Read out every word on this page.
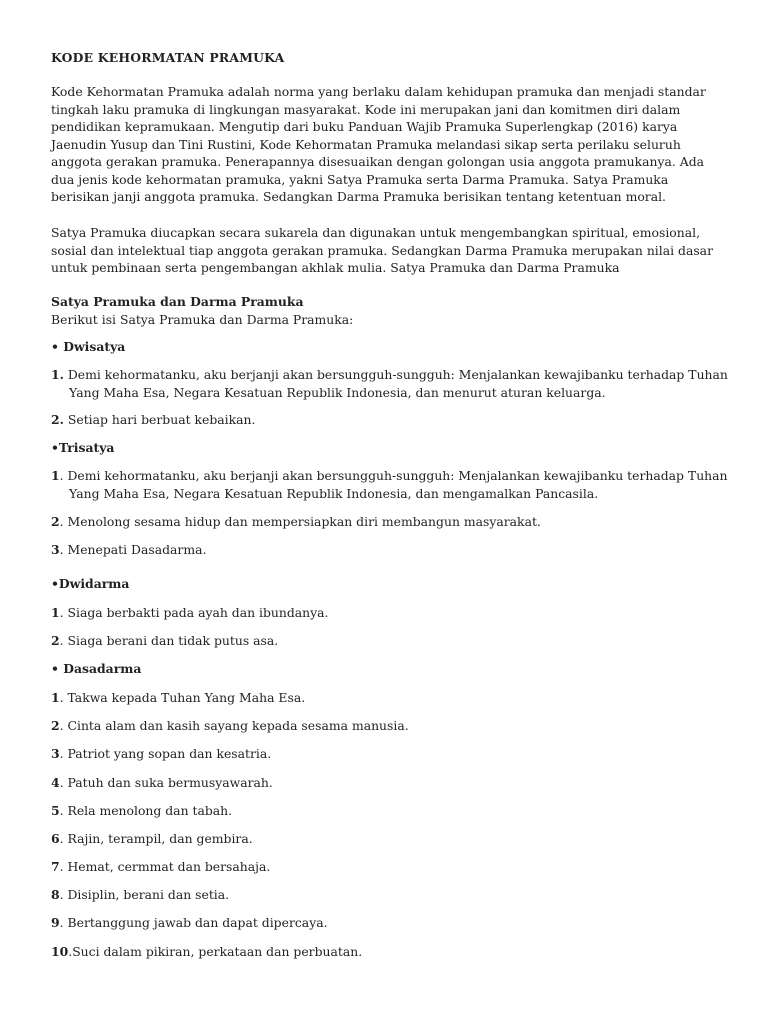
KODE KEHORMATAN PRAMUKA
Kode Kehormatan Pramuka adalah norma yang berlaku dalam kehidupan pramuka dan menjadi standar tingkah laku pramuka di lingkungan masyarakat. Kode ini merupakan jani dan komitmen diri dalam pendidikan kepramukaan. Mengutip dari buku Panduan Wajib Pramuka Superlengkap (2016) karya Jaenudin Yusup dan Tini Rustini, Kode Kehormatan Pramuka melandasi sikap serta perilaku seluruh anggota gerakan pramuka. Penerapannya disesuaikan dengan golongan usia anggota pramukanya. Ada dua jenis kode kehormatan pramuka, yakni Satya Pramuka serta Darma Pramuka. Satya Pramuka berisikan janji anggota pramuka. Sedangkan Darma Pramuka berisikan tentang ketentuan moral.
Satya Pramuka diucapkan secara sukarela dan digunakan untuk mengembangkan spiritual, emosional, sosial dan intelektual tiap anggota gerakan pramuka. Sedangkan Darma Pramuka merupakan nilai dasar untuk pembinaan serta pengembangan akhlak mulia. Satya Pramuka dan Darma Pramuka
Satya Pramuka dan Darma Pramuka
Berikut isi Satya Pramuka dan Darma Pramuka:
• Dwisatya
1. Demi kehormatanku, aku berjanji akan bersungguh-sungguh: Menjalankan kewajibanku terhadap Tuhan
Yang Maha Esa, Negara Kesatuan Republik Indonesia, dan menurut aturan keluarga.
2. Setiap hari berbuat kebaikan.
•Trisatya
1. Demi kehormatanku, aku berjanji akan bersungguh-sungguh: Menjalankan kewajibanku terhadap Tuhan
Yang Maha Esa, Negara Kesatuan Republik Indonesia, dan mengamalkan Pancasila.
2. Menolong sesama hidup dan mempersiapkan diri membangun masyarakat.
3. Menepati Dasadarma.
•Dwidarma
1. Siaga berbakti pada ayah dan ibundanya.
2. Siaga berani dan tidak putus asa.
• Dasadarma
1. Takwa kepada Tuhan Yang Maha Esa.
2. Cinta alam dan kasih sayang kepada sesama manusia.
3. Patriot yang sopan dan kesatria.
4. Patuh dan suka bermusyawarah.
5. Rela menolong dan tabah.
6. Rajin, terampil, dan gembira.
7. Hemat, cermmat dan bersahaja.
8. Disiplin, berani dan setia.
9. Bertanggung jawab dan dapat dipercaya.
10.Suci dalam pikiran, perkataan dan perbuatan.
